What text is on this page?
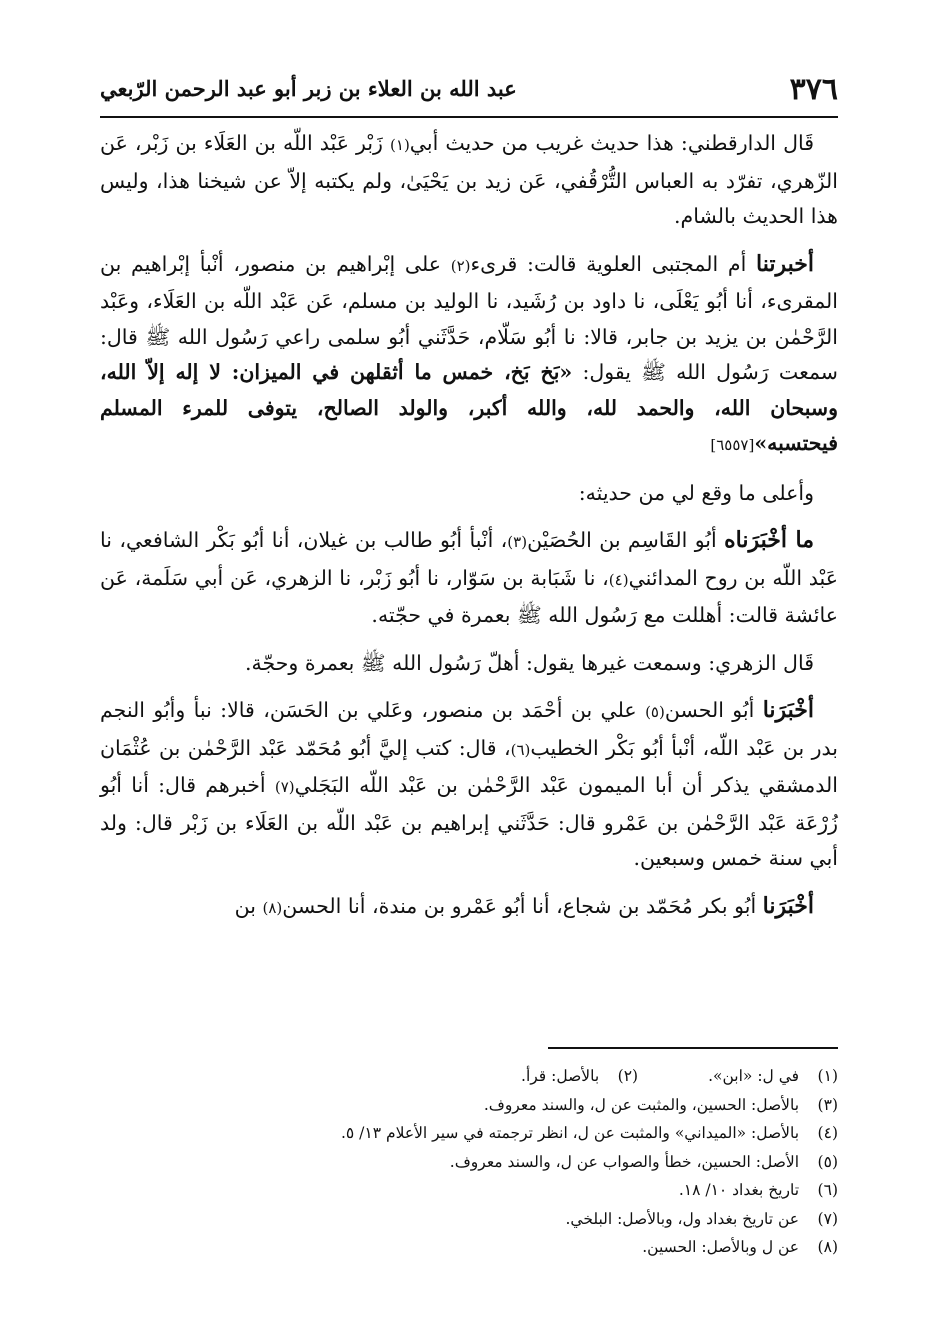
٣٧٦
عبد الله بن العلاء بن زبر أبو عبد الرحمن الرّبعي

قَال الدارقطني: هذا حديث غريب من حديث أبي(١) زَبْر عَبْد اللّه بن العَلَاء بن زَبْر، عَن الزّهري، تفرّد به العباس التُّرْقُفي، عَن زيد بن يَحْيَىٰ، ولم يكتبه إلاّ عن شيخنا هذا، وليس هذا الحديث بالشام.

أخبرتنا أم المجتبى العلوية قالت: قرىء(٢) على إبْراهيم بن منصور، أنْبأ إبْراهيم بن المقرىء، أنا أبُو يَعْلَى، نا داود بن رُشَيد، نا الوليد بن مسلم، عَن عَبْد اللّه بن العَلَاء، وعَبْد الرَّحْمٰن بن يزيد بن جابر، قالا: نا أبُو سَلّام، حَدَّثَني أبُو سلمى راعي رَسُول الله ﷺ قال: سمعت رَسُول الله ﷺ يقول: «بَخ بَخ، خمس ما أثقلهن في الميزان: لا إله إلاّ الله، وسبحان الله، والحمد لله، والله أكبر، والولد الصالح، يتوفى للمرء المسلم فيحتسبه»[٦٥٥٧]

وأعلى ما وقع لي من حديثه:

ما أخْبَرَناه أبُو القَاسِم بن الحُصَيْن(٣)، أنْبأ أبُو طالب بن غيلان، أنا أبُو بَكْر الشافعي، نا عَبْد اللّه بن روح المدائني(٤)، نا شَبَابة بن سَوّار، نا أبُو زَبْر، نا الزهري، عَن أبي سَلَمة، عَن عائشة قالت: أهللت مع رَسُول الله ﷺ بعمرة في حجّته.

قَال الزهري: وسمعت غيرها يقول: أهلّ رَسُول الله ﷺ بعمرة وحجّة.

أخْبَرَنا أبُو الحسن(٥) علي بن أحْمَد بن منصور، وعَلي بن الحَسَن، قالا: نبأ وأبُو النجم بدر بن عَبْد اللّه، أنْبأ أبُو بَكْر الخطيب(٦)، قال: كتب إليَّ أبُو مُحَمّد عَبْد الرَّحْمٰن بن عُثْمَان الدمشقي يذكر أن أبا الميمون عَبْد الرَّحْمٰن بن عَبْد اللّه البَجَلي(٧) أخبرهم قال: أنا أبُو زُرْعَة عَبْد الرَّحْمٰن بن عَمْرو قال: حَدَّثَني إبراهيم بن عَبْد اللّه بن العَلَاء بن زَبْر قال: ولد أبي سنة خمس وسبعين.

أخْبَرَنا أبُو بكر مُحَمّد بن شجاع، أنا أبُو عَمْرو بن مندة، أنا الحسن(٨) بن

(١) في ل: «ابن».
(٢) بالأصل: قرأ.
(٣) بالأصل: الحسين، والمثبت عن ل، والسند معروف.
(٤) بالأصل: «الميداني» والمثبت عن ل، انظر ترجمته في سير الأعلام ١٣/ ٥.
(٥) الأصل: الحسين، خطأ والصواب عن ل، والسند معروف.
(٦) تاريخ بغداد ١٠/ ١٨.
(٧) عن تاريخ بغداد ول، وبالأصل: البلخي.
(٨) عن ل وبالأصل: الحسين.
